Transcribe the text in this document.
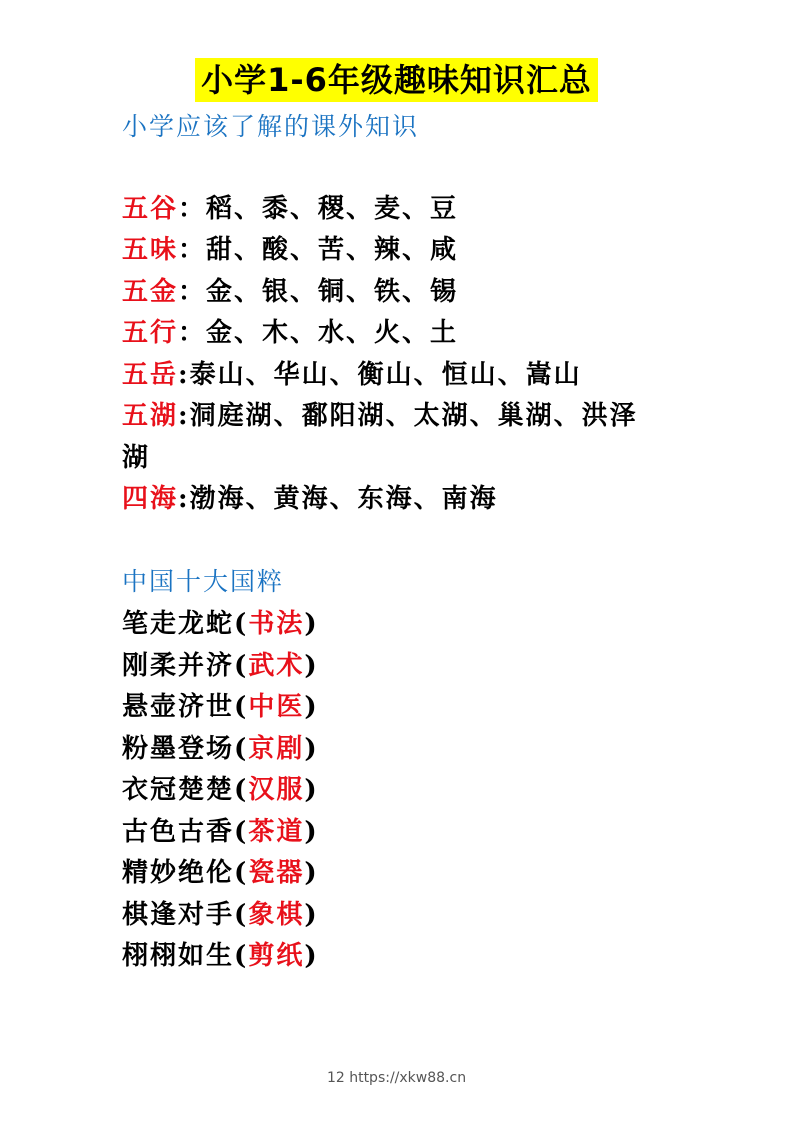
小学1-6年级趣味知识汇总
小学应该了解的课外知识
五谷：稻、黍、稷、麦、豆
五味：甜、酸、苦、辣、咸
五金：金、银、铜、铁、锡
五行：金、木、水、火、土
五岳:泰山、华山、衡山、恒山、嵩山
五湖:洞庭湖、鄱阳湖、太湖、巢湖、洪泽
湖
四海:渤海、黄海、东海、南海
中国十大国粹
笔走龙蛇(书法)
刚柔并济(武术)
悬壶济世(中医)
粉墨登场(京剧)
衣冠楚楚(汉服)
古色古香(茶道)
精妙绝伦(瓷器)
棋逢对手(象棋)
栩栩如生(剪纸)
12 https://xkw88.cn
